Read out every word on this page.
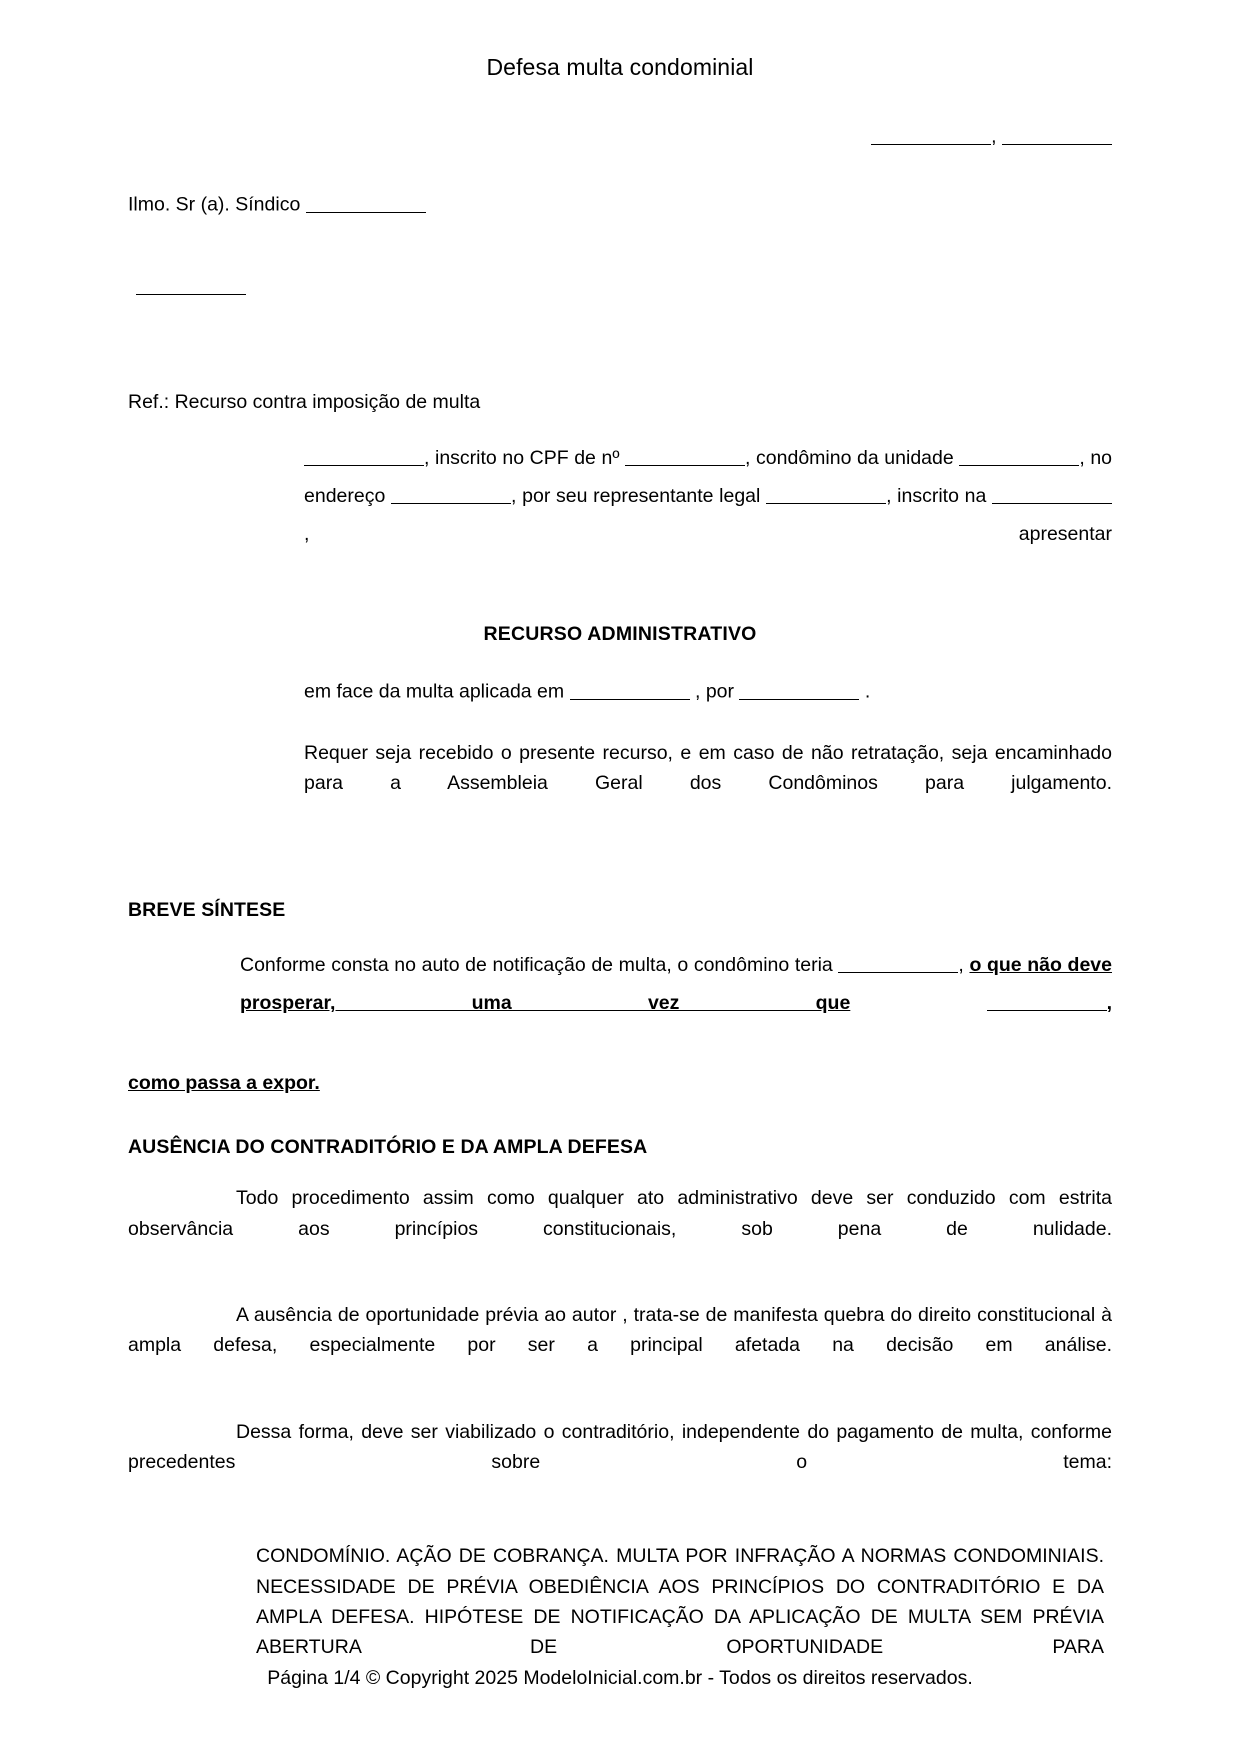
Defesa multa condominial
,
Ilmo. Sr (a). Síndico
Ref.: Recurso contra imposição de multa
, inscrito no CPF de nº	, condômino da unidade	, no endereço	, por seu representante legal	, inscrito na , apresentar
RECURSO ADMINISTRATIVO
em face da multa aplicada em	, por	.
Requer seja recebido o presente recurso, e em caso de não retratação, seja encaminhado para a Assembleia Geral dos Condôminos para julgamento.
BREVE SÍNTESE
Conforme consta no auto de notificação de multa, o condômino teria	, o que não deve prosperar, uma vez que	,
como passa a expor.
AUSÊNCIA DO CONTRADITÓRIO E DA AMPLA DEFESA
Todo procedimento assim como qualquer ato administrativo deve ser conduzido com estrita observância aos princípios constitucionais, sob pena de nulidade.
A ausência de oportunidade prévia ao autor , trata-se de manifesta quebra do direito constitucional à ampla defesa, especialmente por ser a principal afetada na decisão em análise.
Dessa forma, deve ser viabilizado o contraditório, independente do pagamento de multa, conforme precedentes sobre o tema:
CONDOMÍNIO. AÇÃO DE COBRANÇA. MULTA POR INFRAÇÃO A NORMAS CONDOMINIAIS. NECESSIDADE DE PRÉVIA OBEDIÊNCIA AOS PRINCÍPIOS DO CONTRADITÓRIO E DA AMPLA DEFESA. HIPÓTESE DE NOTIFICAÇÃO DA APLICAÇÃO DE MULTA SEM PRÉVIA ABERTURA DE OPORTUNIDADE PARA
Página 1/4 © Copyright 2025 ModeloInicial.com.br - Todos os direitos reservados.
